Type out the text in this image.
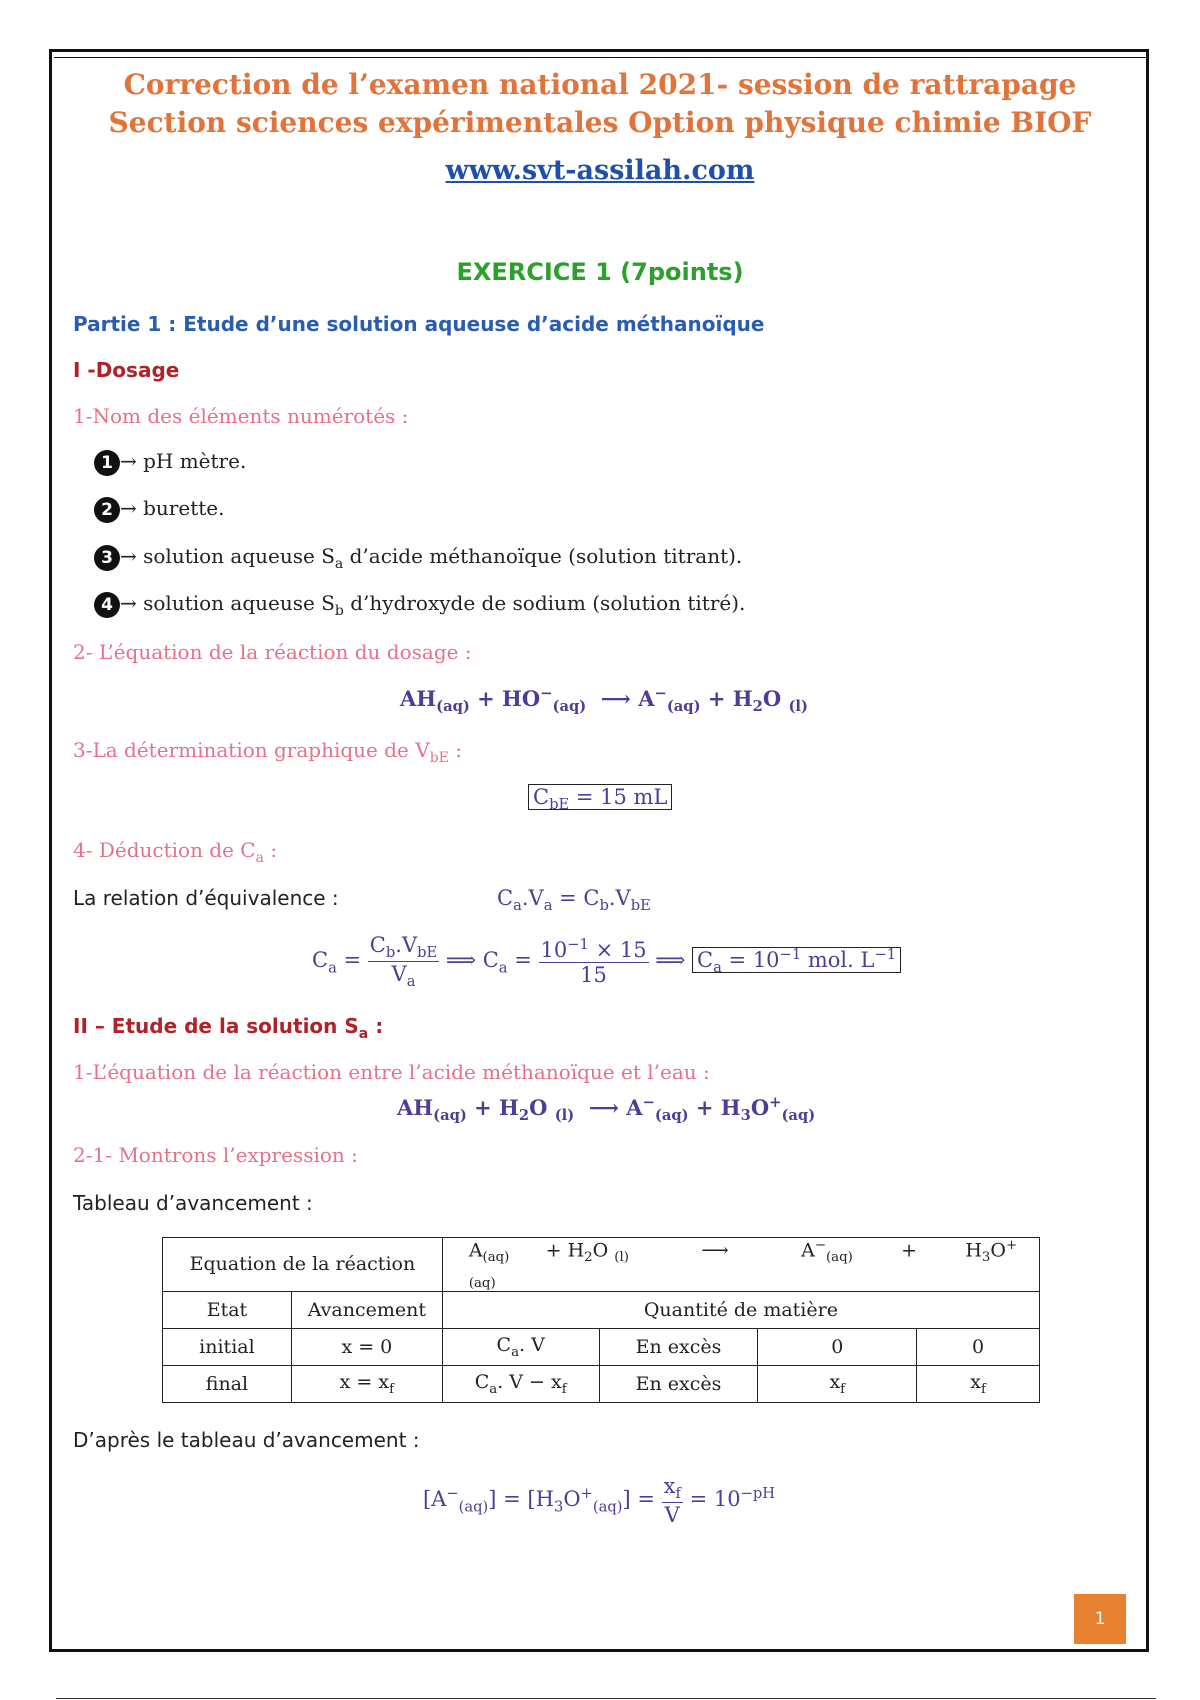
Correction de l’examen national 2021- session de rattrapage
Section sciences expérimentales Option physique chimie BIOF
www.svt-assilah.com
EXERCICE 1 (7points)
Partie 1 : Etude d’une solution aqueuse d’acide méthanoïque
I -Dosage
1-Nom des éléments numérotés :
1 → pH mètre.
2 → burette.
3 → solution aqueuse $S_a$ d’acide méthanoïque (solution titrant).
4 → solution aqueuse $S_b$ d’hydroxyde de sodium (solution titré).
2- L’équation de la réaction du dosage :
$AH_{(aq)} + HO^-_{(aq)}$  ⟶ $A^-_{(aq)} + H_2O$ $_{(l)}$
3-La détermination graphique de $V_{bE}$ :
$C_{bE} = 15$ mL
4- Déduction de $C_a$ :
La relation d’équivalence :	$C_a.V_a = C_b.V_{bE}$
$C_a = \frac{C_b.V_{bE}}{V_a}$ ⟹ $C_a = \frac{10^{-1} \times 15}{15}$ ⟹ $C_a = 10^{-1}$ mol. $L^{-1}$
II – Etude de la solution $S_a$ :
1-L’équation de la réaction entre l’acide méthanoïque et l’eau :
$AH_{(aq)} + H_2O$ $_{(l)}$  ⟶ $A^-_{(aq)} + H_3O^+_{(aq)}$
2-1- Montrons l’expression :
Tableau d’avancement :
Equation de la réaction		$A_{(aq)}$      + $H_2O$ $_{(l)}$            ⟶            $A^-_{(aq)}$        +        $H_3O^+_{(aq)}$
Etat	Avancement	Quantité de matière			
initial	x = 0	$C_a$. V	En excès	0	0
final	$x = x_f$	$C_a$. $V - x_f$	En excès	$x_f$	$x_f$
D’après le tableau d’avancement :
$[A^-_{(aq)}] = [H_3O^+_{(aq)}] = \frac{x_f}{V} = 10^{-pH}$
1
